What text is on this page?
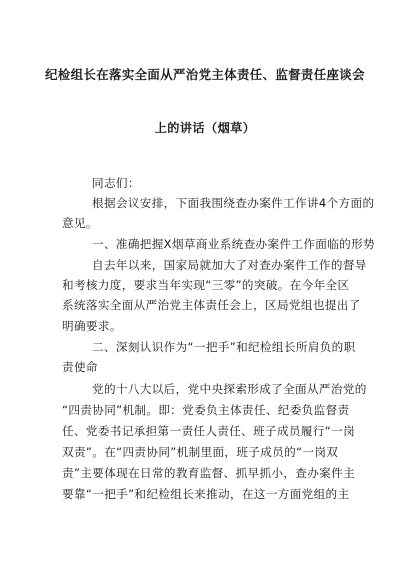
纪检组长在落实全面从严治党主体责任、监督责任座谈会
上的讲话（烟草）
同志们：
根据会议安排，下面我围绕查办案件工作讲4个方面的
意见。
一、准确把握X烟草商业系统查办案件工作面临的形势
自去年以来，国家局就加大了对查办案件工作的督导
和考核力度，要求当年实现“三零”的突破。在今年全区
系统落实全面从严治党主体责任会上，区局党组也提出了
明确要求。
二、深刻认识作为“一把手”和纪检组长所肩负的职
责使命
党的十八大以后，党中央探索形成了全面从严治党的
“四责协同”机制。即：党委负主体责任、纪委负监督责
任、党委书记承担第一责任人责任、班子成员履行“一岗
双责”。在“四责协同”机制里面，班子成员的“一岗双
责”主要体现在日常的教育监督、抓早抓小，查办案件主
要靠“一把手”和纪检组长来推动，在这一方面党组的主
